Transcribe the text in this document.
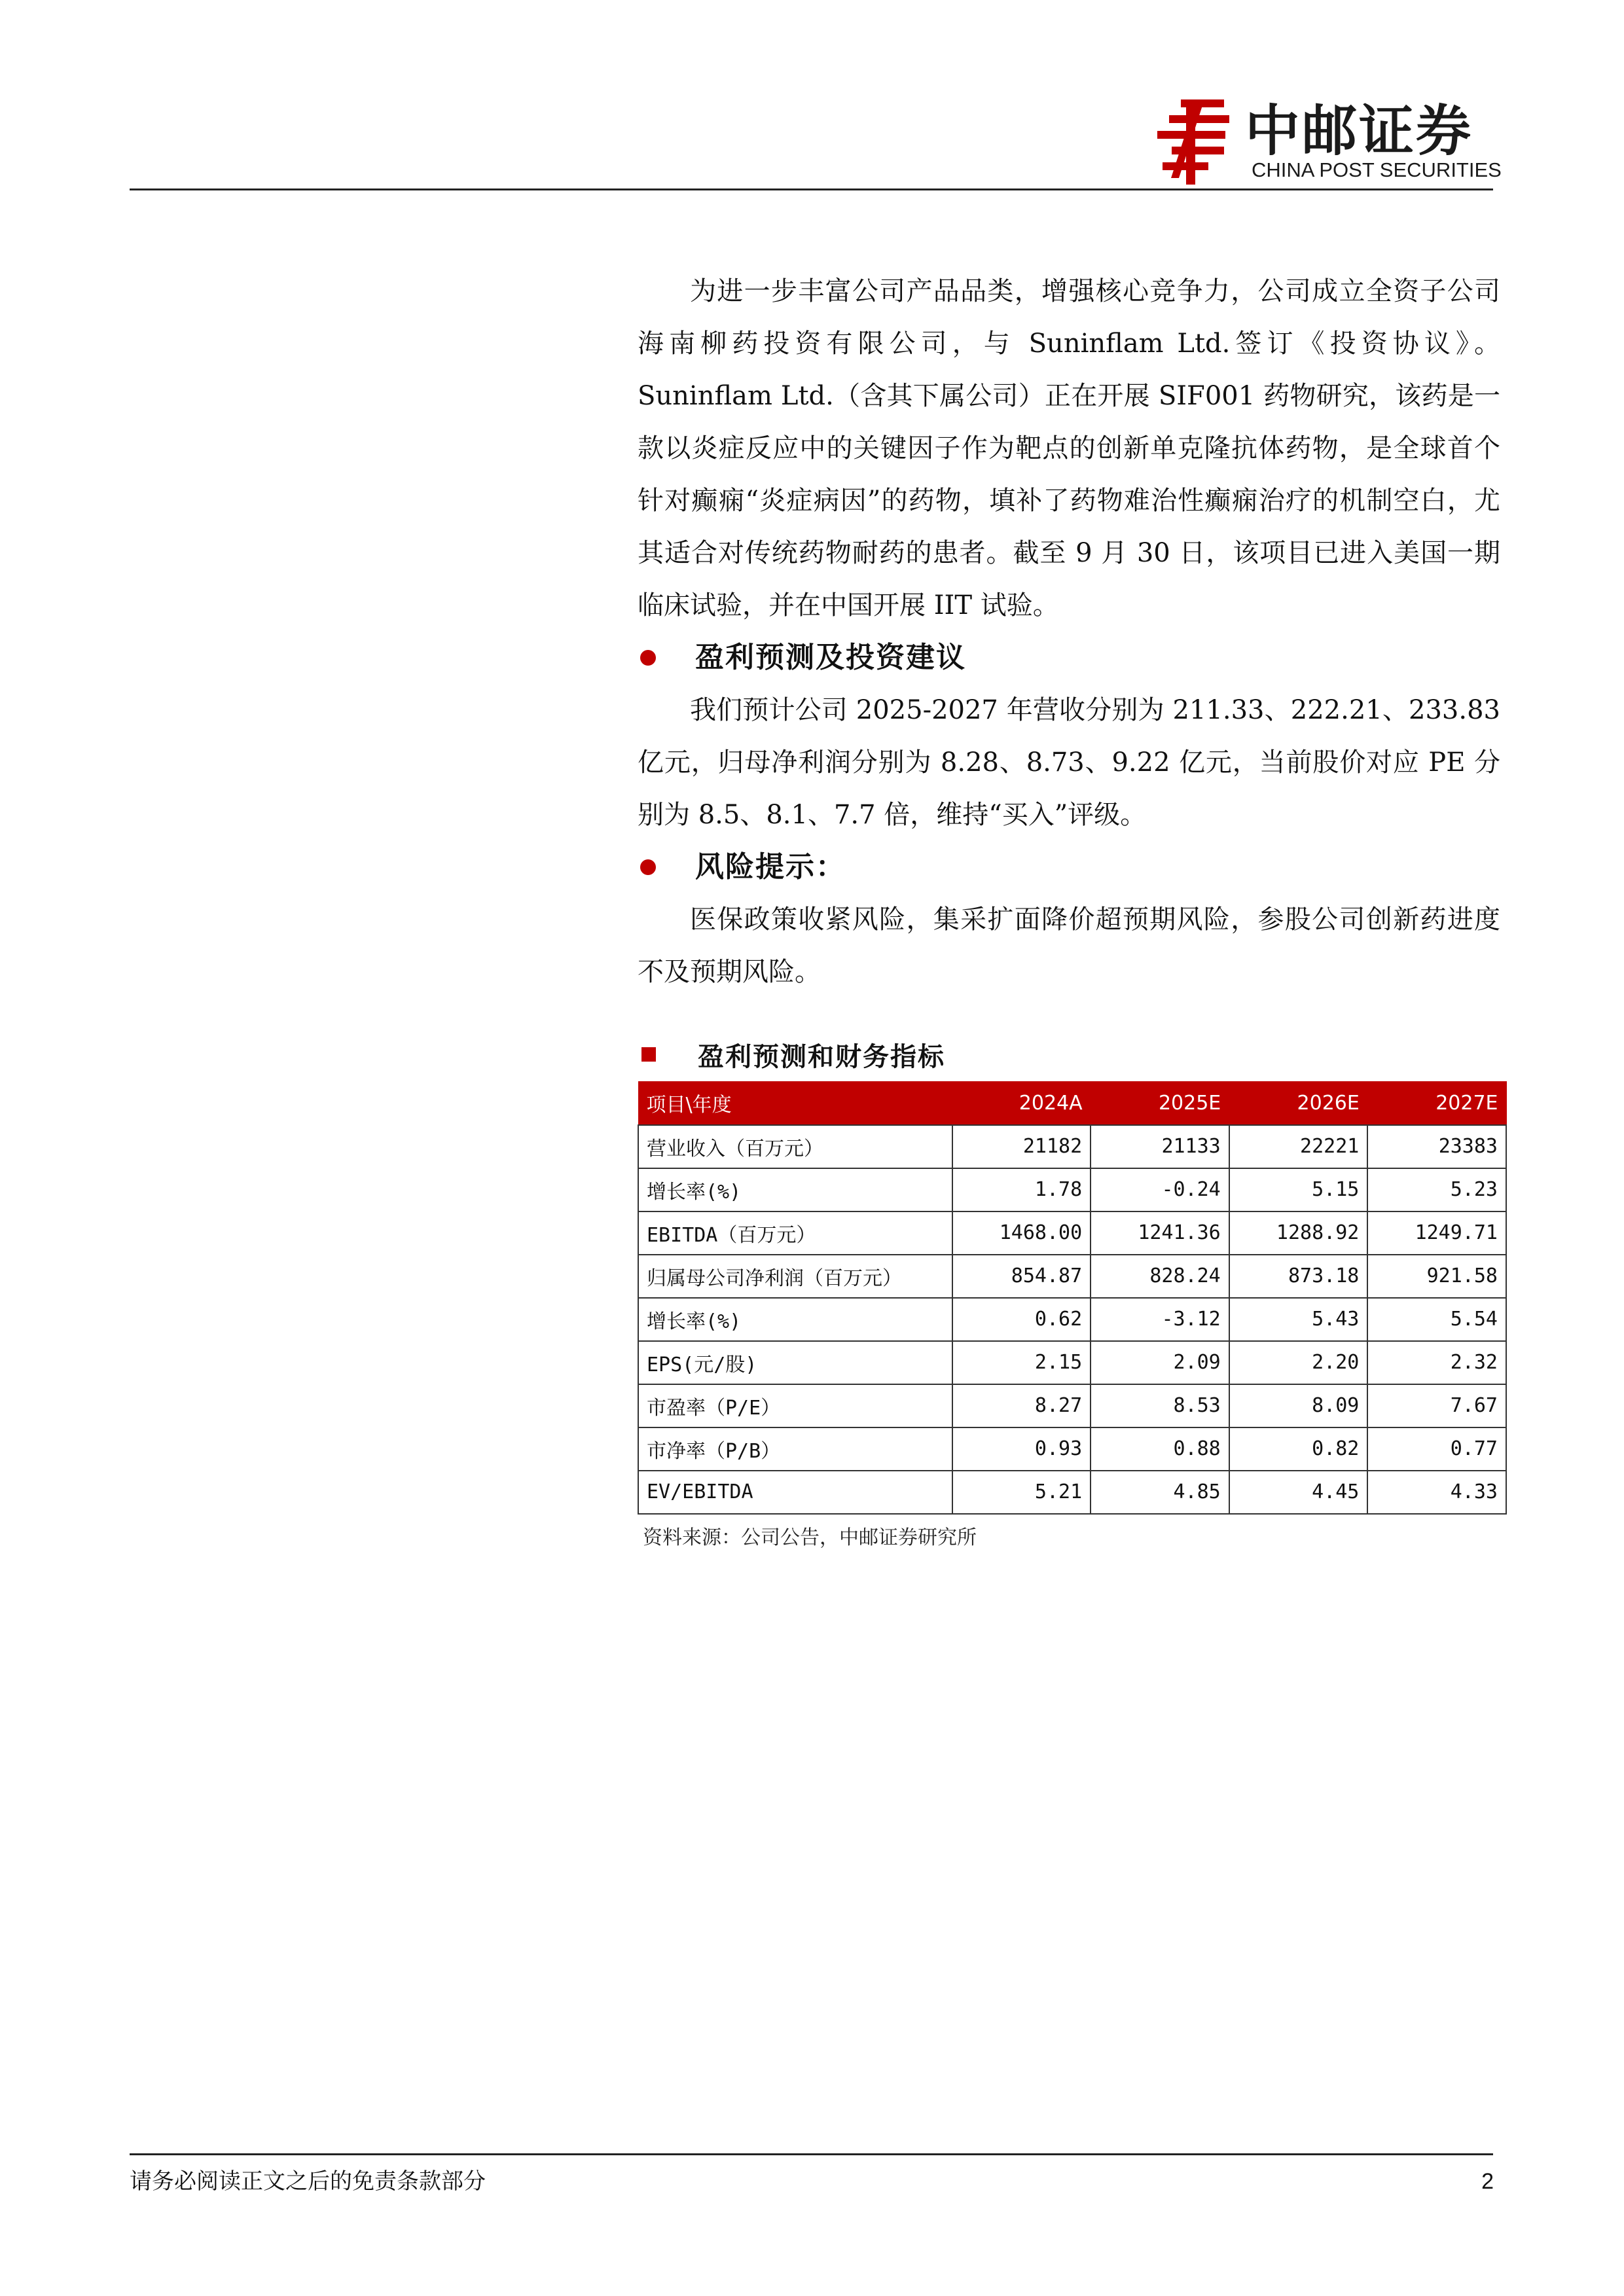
中邮证券
CHINA POST SECURITIES

为进一步丰富公司产品品类，增强核心竞争力，公司成立全资子公司海南柳药投资有限公司，与 Suninflam Ltd.签订《投资协议》。Suninflam Ltd.（含其下属公司）正在开展 SIF001 药物研究，该药是一款以炎症反应中的关键因子作为靶点的创新单克隆抗体药物，是全球首个针对癫痫“炎症病因”的药物，填补了药物难治性癫痫治疗的机制空白，尤其适合对传统药物耐药的患者。截至 9 月 30 日，该项目已进入美国一期临床试验，并在中国开展 IIT 试验。

盈利预测及投资建议

我们预计公司 2025-2027 年营收分别为 211.33、222.21、233.83 亿元，归母净利润分别为 8.28、8.73、9.22 亿元，当前股价对应 PE 分别为 8.5、8.1、7.7 倍，维持“买入”评级。

风险提示：

医保政策收紧风险，集采扩面降价超预期风险，参股公司创新药进度不及预期风险。

盈利预测和财务指标
项目\年度	2024A	2025E	2026E	2027E
营业收入（百万元）	21182	21133	22221	23383
增长率(%)	1.78	-0.24	5.15	5.23
EBITDA（百万元）	1468.00	1241.36	1288.92	1249.71
归属母公司净利润（百万元）	854.87	828.24	873.18	921.58
增长率(%)	0.62	-3.12	5.43	5.54
EPS(元/股)	2.15	2.09	2.20	2.32
市盈率（P/E）	8.27	8.53	8.09	7.67
市净率（P/B）	0.93	0.88	0.82	0.77
EV/EBITDA	5.21	4.85	4.45	4.33
资料来源：公司公告，中邮证券研究所
请务必阅读正文之后的免责条款部分	2
